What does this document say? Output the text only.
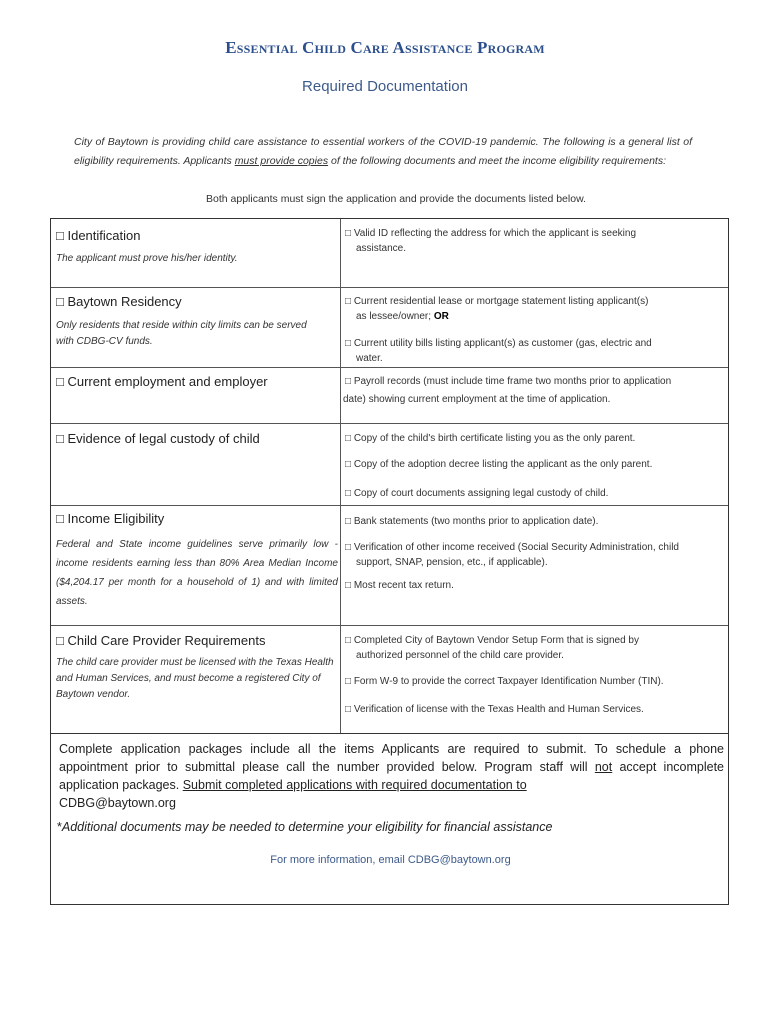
Essential Child Care Assistance Program
Required Documentation
City of Baytown is providing child care assistance to essential workers of the COVID-19 pandemic. The following is a general list of eligibility requirements. Applicants must provide copies of the following documents and meet the income eligibility requirements:
Both applicants must sign the application and provide the documents listed below.
□ Identification
The applicant must prove his/her identity.
□ Valid ID reflecting the address for which the applicant is seeking
assistance.
□ Baytown Residency
Only residents that reside within city limits can be served with CDBG-CV funds.
□ Current residential lease or mortgage statement listing applicant(s)
as lessee/owner; OR
□ Current utility bills listing applicant(s) as customer (gas, electric and
water.
□ Current employment and employer	□ Payroll records (must include time frame two months prior to application
date) showing current employment at the time of application.
□ Evidence of legal custody of child	□ Copy of the child's birth certificate listing you as the only parent.
□ Copy of the adoption decree listing the applicant as the only parent.
□ Copy of court documents assigning legal custody of child.
□ Income Eligibility
Federal and State income guidelines serve primarily low - income residents earning less than 80% Area Median Income ($4,204.17 per month for a household of 1) and with limited assets.
□ Bank statements (two months prior to application date).
□ Verification of other income received (Social Security Administration, child
support, SNAP, pension, etc., if applicable).
□ Most recent tax return.
□ Child Care Provider Requirements
The child care provider must be licensed with the Texas Health and Human Services, and must become a registered City of Baytown vendor.
□ Completed City of Baytown Vendor Setup Form that is signed by
authorized personnel of the child care provider.
□ Form W-9 to provide the correct Taxpayer Identification Number (TIN).
□ Verification of license with the Texas Health and Human Services.
Complete application packages include all the items Applicants are required to submit. To schedule a phone appointment prior to submittal please call the number provided below. Program staff will not accept incomplete application packages. Submit completed applications with required documentation to
CDBG@baytown.org
*Additional documents may be needed to determine your eligibility for financial assistance
For more information, email CDBG@baytown.org
